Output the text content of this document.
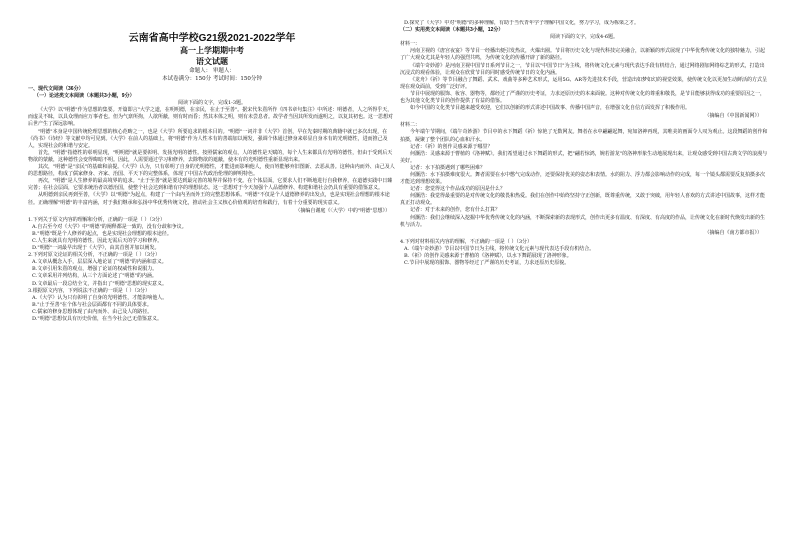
云南省高中学校G21级2021-2022学年
高一上学期期中考
语文试题
命题人： 审题人：
本试卷满分：150分 考试时间：150分钟
一、现代文阅读（36分）
（一）论述类文本阅读（本题共3小题，9分）
阅读下面的文字，完成1-3题。

《大学》以"明德"作为思想的集要。开篇即言"大学之道，在明明德，在亲民，在止于至善"。据宋代朱熹所作《四书章句集注》中所述：明德者，人之所得乎天，而虚灵不昧，以具众理而应万事者也。但为气禀所拘，人欲所蔽，则有时而昏；然其本体之明，则有未尝息者。故学者当因其所发而遂明之，以复其初也。这一思想对后世产生了深远影响。

"明德"本身是中国传统伦理思想的核心范畴之一，也是《大学》所要追求的根本目的。"明德"一词并非《大学》首创，早在先秦时期的典籍中就已多次出现，在《尚书》《诗经》等文献中均可见到。《大学》在前人的基础上，将"明德"作为人性本有的善端加以阐发，强调个体通过修身来彰显自身本有的光明德性，进而推己及人，实现社会的和谐与安定。

首先，"明德"指德性的彰明显现，"明明德"就是要彰明、发扬光明的德性。按照儒家的观点，人的德性是天赋的，每个人生来都具有光明的德性，但由于受到后天物欲的蒙蔽，这种德性会变得晦暗不明。因此，人需要通过学习和修养，去除物欲的遮蔽，使本有的光明德性重新显现出来。

其次，"明德"是"亲民"的基础和前提。《大学》认为，只有彰明了自身的光明德性，才能进而影响他人，使百姓能够弃旧图新、去恶从善。这种由内而外、由己及人的思想路径，构成了儒家修身、齐家、治国、平天下的完整体系，体现了中国古代政治伦理的鲜明特色。

再次，"明德"是人生修养的最高境界的追求。"止于至善"就是要达到最完善的境界并保持不变。在个体层面，它要求人们不断地进行自我修养，在道德实践中日臻完善；在社会层面，它要求统治者以德治国，使整个社会达到和谐有序的理想状态。这一思想对于今天加强个人品德修养、构建和谐社会仍具有重要的借鉴意义。

从明德到亲民再到至善，《大学》以"明德"为起点，构建了一个由内圣而外王的完整思想体系。"明德"不仅是个人道德修养的出发点，也是实现社会理想的根本途径。正确理解"明德"的丰富内涵，对于我们继承和弘扬中华优秀传统文化，推动社会主义核心价值观的培育和践行，有着十分重要的现实意义。

（摘编自谢庭《〈大学〉中的"明德"思想》）

1.下列关于原文内容的理解和分析，正确的一项是（ ）（3分）

A.自古至今对《大学》中"明德"的阐释都是一致的，没有分歧和争议。

B."明德"既是个人修养的起点，也是实现社会理想的根本途径。

C.人生来就具有光明的德性，因此无需后天的学习和修养。

D."明德"一词最早出现于《大学》，由其首创并加以阐发。

2.下列对原文论证的相关分析，不正确的一项是（ ）（3分）

A.文章从概念入手，层层深入地论证了"明德"的内涵和意义。

B.文章引用朱熹的观点，增强了论证的权威性和说服力。

C.文章采用并列结构，从三个方面论述了"明德"的内涵。

D.文章最后一段总结全文，并指出了"明德"思想的现实意义。

3.根据原文内容，下列说法不正确的一项是（ ）（3分）

A.《大学》认为只有彰明了自身的光明德性，才能影响他人。

B."止于至善"在个体与社会层面都有不同的具体要求。

C.儒家的修身思想体现了由内而外、由己及人的路径。

D."明德"思想仅具有历史价值，在当今社会已无借鉴意义。

D.探究了《大学》中对"明德"的多种理解，有助于当代青年学子理解中国文化，努力学习，成为栋梁之才。

（二）实用类文本阅读（本题共3小题，12分）
阅读下面的文字，完成4-6题。
材料一：

河南卫视的《唐宫夜宴》等节目一经播出便引发热议，火爆出圈。节目将历史文化与现代科技完美融合，以新颖的形式展现了中华优秀传统文化的独特魅力，引起了广大观众尤其是年轻人的强烈共鸣，为传统文化的传播开辟了新的路径。

《端午奇妙游》是河南卫视中国节日系列节目之一，节目以"中国节日"为主线，将传统文化元素与现代表达手段有机结合，通过网络剧加网络综艺的形式，打造出沉浸式的观看体验，让观众在欣赏节目的同时感受传统节日的文化内涵。

《龙舟》《祈》等节目融合了舞蹈、武术、戏曲等多种艺术形式，运用5G、AR等先进技术手段，营造出如梦如幻的视觉效果，使传统文化以更加生动鲜活的方式呈现在观众面前，受到广泛好评。

节目中展现的服饰、妆容、器物等，都经过了严谨的历史考证，力求还原历史的本来面貌。这种对传统文化的尊重和敬畏，是节目能够获得成功的重要原因之一，也为其他文化类节目的创作提供了有益的借鉴。

如今中国的文化类节目越来越受欢迎，它们以创新的形式讲述中国故事、传播中国声音，在增强文化自信方面发挥了积极作用。

（摘编自《中国新闻网》）
材料二：

今年端午节期间，《端午奇妙游》节目中的水下舞蹈《祈》惊艳了无数网友。舞者在水中翩翩起舞，宛如洛神再现，其唯美的画面令人叹为观止。这段舞蹈的创作和拍摄，凝聚了整个团队的心血和汗水。

记者：《祈》的创作灵感来源于哪里？

何灏浩：灵感来源于曹植的《洛神赋》。我们希望通过水下舞蹈的形式，把"翩若惊鸿，婉若游龙"的洛神形象生动地展现出来，让观众感受到中国古典文学的浪漫与美好。

记者：水下拍摄遇到了哪些困难？

何灏浩：水下拍摄难度很大。舞者需要在水中憋气完成动作，还要保持优美的姿态和表情。水的阻力、浮力都会影响动作的完成，每一个镜头都需要反复拍摄多次才能达到理想效果。

记者：您觉得这个作品成功的原因是什么？

何灏浩：我觉得最重要的是对传统文化的敬畏和热爱。我们在创作中始终坚持守正创新，既尊重传统，又敢于突破，用年轻人喜欢的方式讲述中国故事，这样才能真正打动观众。

记者：对于未来的创作，您有什么打算？

何灏浩：我们会继续深入挖掘中华优秀传统文化的内涵，不断探索新的表现形式，创作出更多有温度、有深度、有高度的作品，让传统文化在新时代焕发出新的生机与活力。

（摘编自《南方都市报》）

4.下列对材料相关内容的理解，不正确的一项是（ ）（3分）

A.《端午奇妙游》节目以中国节日为主线，将传统文化元素与现代表达手段有机结合。

B.《祈》的创作灵感来源于曹植的《洛神赋》，以水下舞蹈展现了洛神形象。

C.节目中展现的服饰、器物等经过了严谨的历史考证，力求还原历史原貌。
